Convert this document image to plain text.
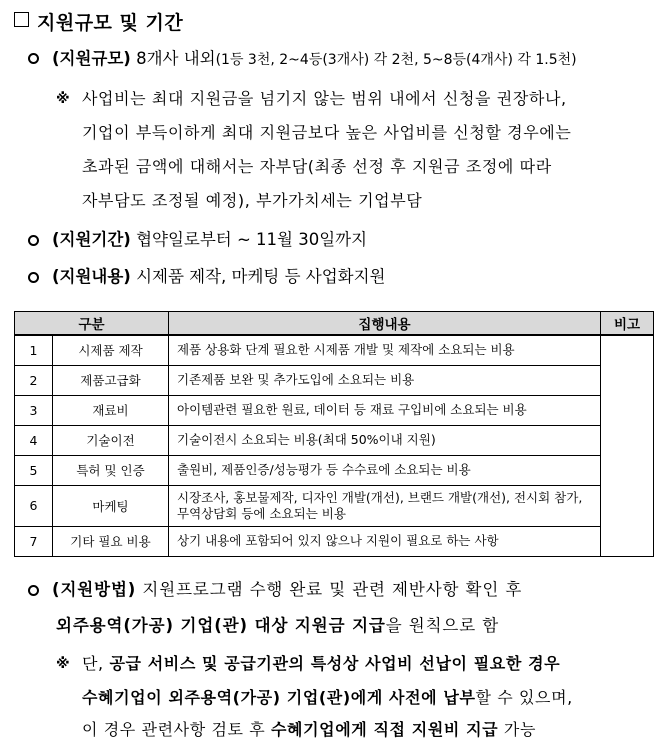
지원규모 및 기간
(지원규모) 8개사 내외(1등 3천, 2~4등(3개사) 각 2천, 5~8등(4개사) 각 1.5천)
※ 사업비는 최대 지원금을 넘기지 않는 범위 내에서 신청을 권장하나,
기업이 부득이하게 최대 지원금보다 높은 사업비를 신청할 경우에는
초과된 금액에 대해서는 자부담(최종 선정 후 지원금 조정에 따라
자부담도 조정될 예정), 부가가치세는 기업부담
(지원기간) 협약일로부터 ~ 11월 30일까지
(지원내용) 시제품 제작, 마케팅 등 사업화지원
구분		집행내용	비고
1	시제품 제작	제품 상용화 단계 필요한 시제품 개발 및 제작에 소요되는 비용	
2	제품고급화	기존제품 보완 및 추가도입에 소요되는 비용	
3	재료비	아이템관련 필요한 원료, 데이터 등 재료 구입비에 소요되는 비용	
4	기술이전	기술이전시 소요되는 비용(최대 50%이내 지원)	
5	특허 및 인증	출원비, 제품인증/성능평가 등 수수료에 소요되는 비용	
6	마케팅	시장조사, 홍보물제작, 디자인 개발(개선), 브랜드 개발(개선), 전시회 참가,
무역상담회 등에 소요되는 비용	

7	기타 필요 비용	상기 내용에 포함되어 있지 않으나 지원이 필요로 하는 사항	
(지원방법) 지원프로그램 수행 완료 및 관련 제반사항 확인 후
외주용역(가공) 기업(관) 대상 지원금 지급을 원칙으로 함
※ 단, 공급 서비스 및 공급기관의 특성상 사업비 선납이 필요한 경우
수혜기업이 외주용역(가공) 기업(관)에게 사전에 납부할 수 있으며,
이 경우 관련사항 검토 후 수혜기업에게 직접 지원비 지급 가능
